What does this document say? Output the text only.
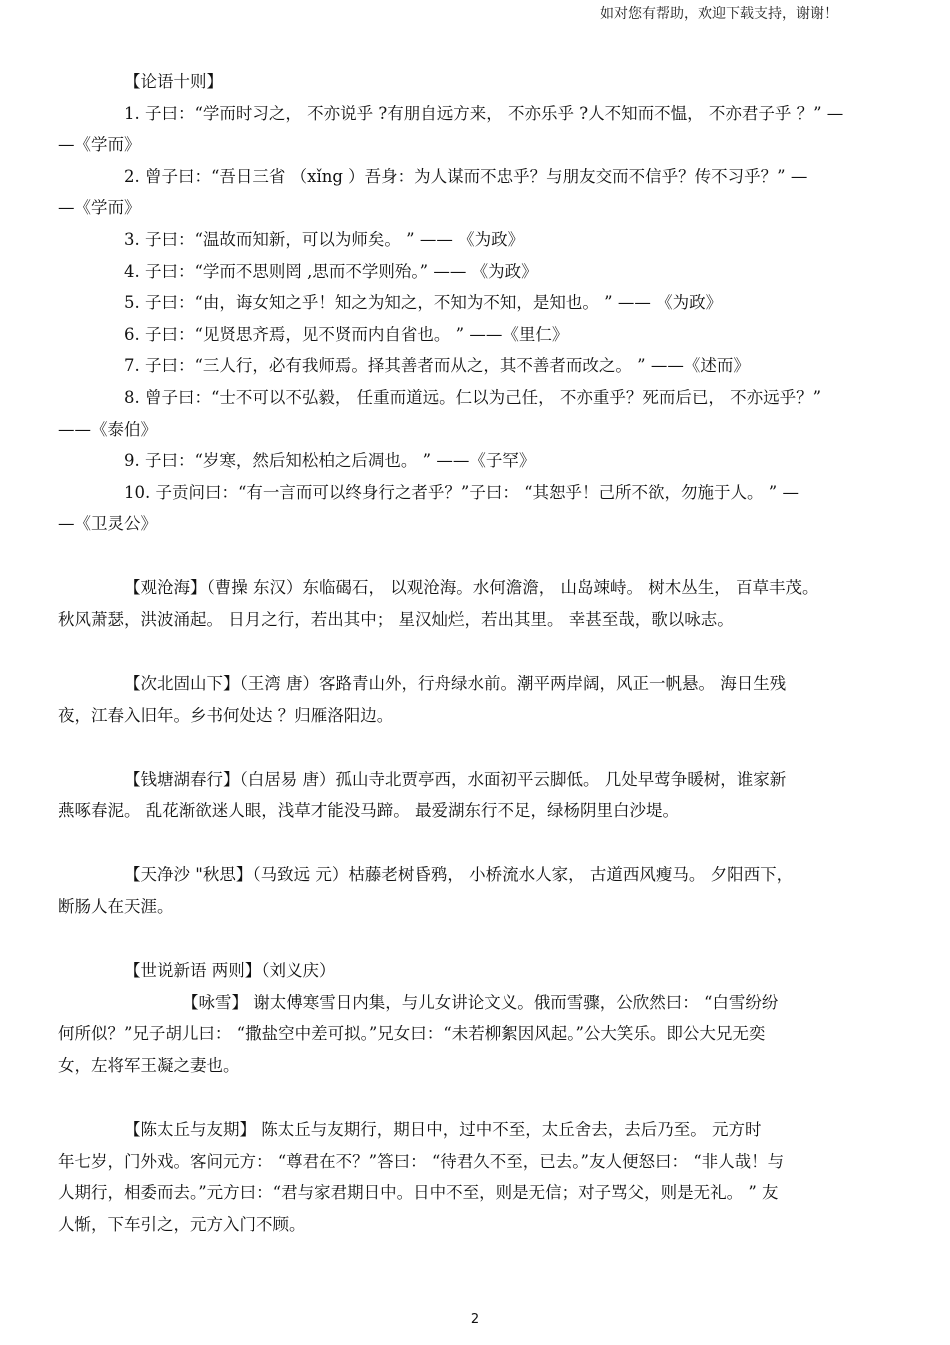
如对您有帮助，欢迎下载支持，谢谢！
【论语十则】
1. 子曰：“学而时习之， 不亦说乎 ?有朋自远方来， 不亦乐乎 ?人不知而不愠， 不亦君子乎 ？” —
—《学而》
2. 曾子曰：“吾日三省 （xǐng ）吾身：为人谋而不忠乎？与朋友交而不信乎？传不习乎？” —
—《学而》
3. 子曰：“温故而知新，可以为师矣。 ” —— 《为政》
4. 子曰：“学而不思则罔 ,思而不学则殆。” —— 《为政》
5. 子曰：“由，诲女知之乎！知之为知之，不知为不知，是知也。 ” —— 《为政》
6. 子曰：“见贤思齐焉，见不贤而内自省也。 ” ——《里仁》
7. 子曰：“三人行，必有我师焉。择其善者而从之，其不善者而改之。 ” ——《述而》
8. 曾子曰：“士不可以不弘毅， 任重而道远。仁以为己任， 不亦重乎？死而后已， 不亦远乎？”
——《泰伯》
9. 子曰：“岁寒，然后知松柏之后凋也。 ” ——《子罕》
10. 子贡问曰：“有一言而可以终身行之者乎？”子曰： “其恕乎！己所不欲，勿施于人。 ” —
—《卫灵公》
【观沧海】（曹操 东汉）东临碣石， 以观沧海。水何澹澹， 山岛竦峙。 树木丛生， 百草丰茂。
秋风萧瑟，洪波涌起。 日月之行，若出其中； 星汉灿烂，若出其里。 幸甚至哉，歌以咏志。
【次北固山下】（王湾 唐）客路青山外，行舟绿水前。潮平两岸阔，风正一帆悬。 海日生残
夜，江春入旧年。乡书何处达 ？归雁洛阳边。
【钱塘湖春行】（白居易 唐）孤山寺北贾亭西，水面初平云脚低。 几处早莺争暖树，谁家新
燕啄春泥。 乱花渐欲迷人眼，浅草才能没马蹄。 最爱湖东行不足，绿杨阴里白沙堤。
【天净沙 "秋思】（马致远 元）枯藤老树昏鸦， 小桥流水人家， 古道西风瘦马。 夕阳西下，
断肠人在天涯。
【世说新语 两则】（刘义庆）
【咏雪】 谢太傅寒雪日内集，与儿女讲论文义。俄而雪骤，公欣然曰： “白雪纷纷
何所似？”兄子胡儿曰： “撒盐空中差可拟。”兄女曰：“未若柳絮因风起。”公大笑乐。即公大兄无奕
女，左将军王凝之妻也。
【陈太丘与友期】 陈太丘与友期行，期日中，过中不至，太丘舍去，去后乃至。 元方时
年七岁，门外戏。客问元方： “尊君在不？”答曰： “待君久不至，已去。”友人便怒曰： “非人哉！与
人期行，相委而去。”元方曰：“君与家君期日中。日中不至，则是无信；对子骂父，则是无礼。 ” 友
人惭，下车引之，元方入门不顾。
2
